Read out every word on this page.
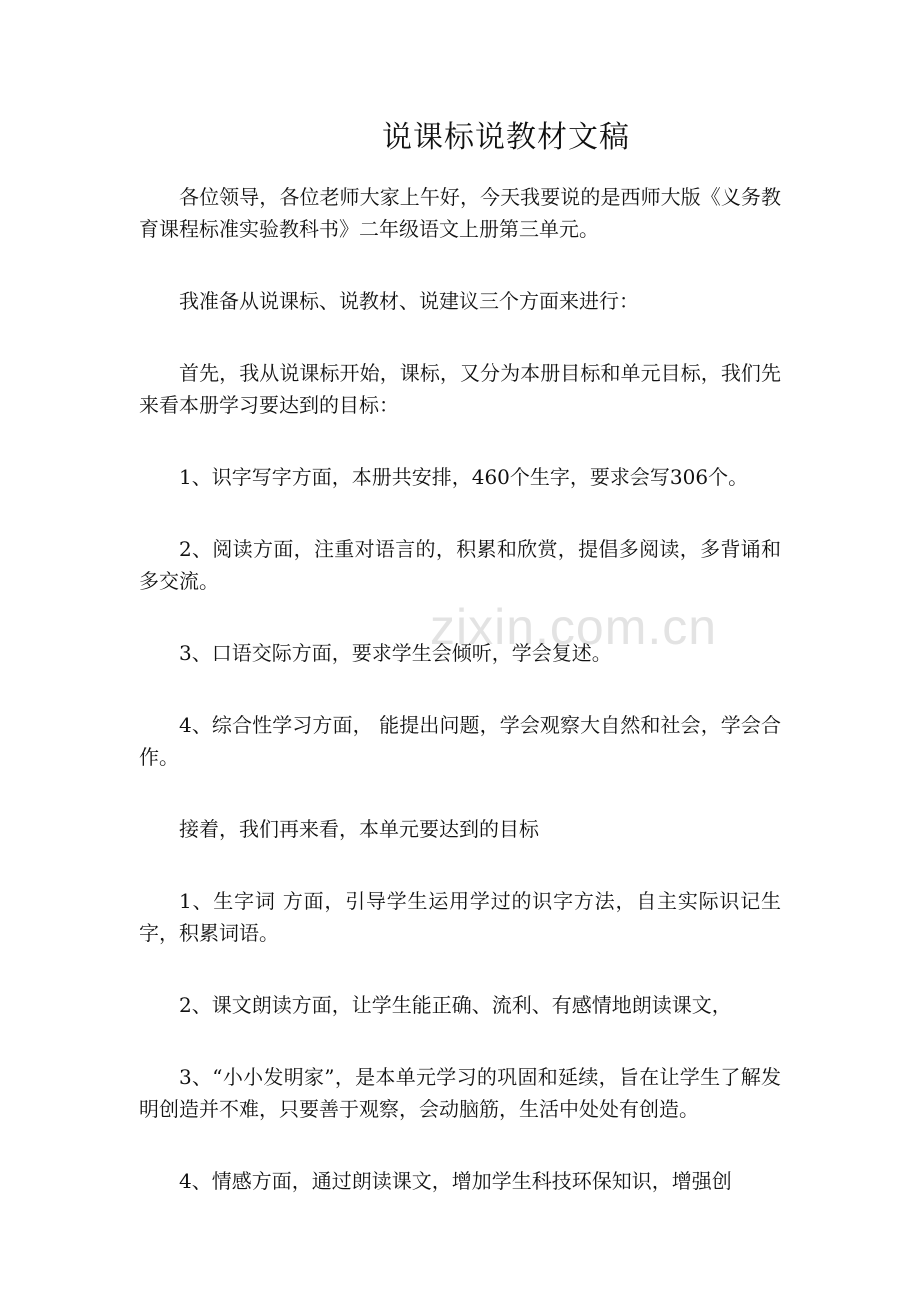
zixin.com.cn
说课标说教材文稿

各位领导，各位老师大家上午好，今天我要说的是西师大版《义务教育课程标准实验教科书》二年级语文上册第三单元。

我准备从说课标、说教材、说建议三个方面来进行：

首先，我从说课标开始，课标，又分为本册目标和单元目标，我们先来看本册学习要达到的目标：

1、识字写字方面，本册共安排，460个生字，要求会写306个。

2、阅读方面，注重对语言的，积累和欣赏，提倡多阅读，多背诵和多交流。

3、口语交际方面，要求学生会倾听，学会复述。

4、综合性学习方面， 能提出问题，学会观察大自然和社会，学会合作。

接着，我们再来看，本单元要达到的目标

1、生字词 方面，引导学生运用学过的识字方法，自主实际识记生字，积累词语。

2、课文朗读方面，让学生能正确、流利、有感情地朗读课文，

3、“小小发明家”，是本单元学习的巩固和延续，旨在让学生了解发明创造并不难，只要善于观察，会动脑筋，生活中处处有创造。

4、情感方面，通过朗读课文，增加学生科技环保知识，增强创
